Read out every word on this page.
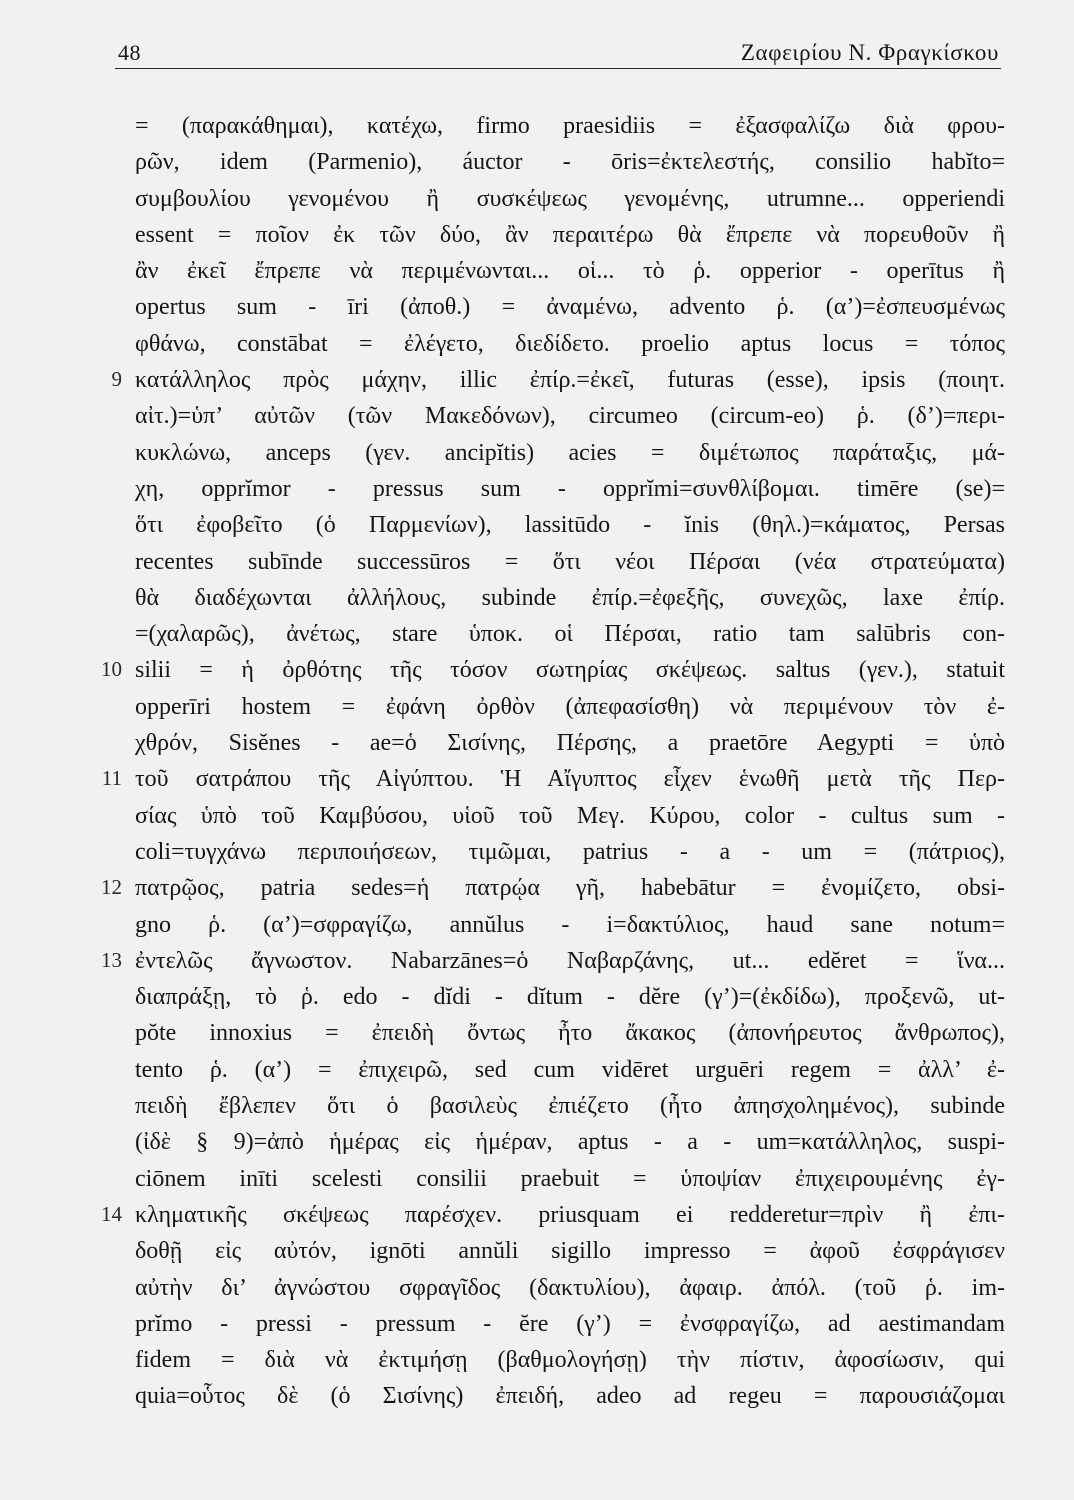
48	Ζαφειρίου Ν. Φραγκίσκου
= (παρακάθημαι), κατέχω, firmo praesidiis = ἐξασφαλίζω διὰ φρου-
ρῶν, idem (Parmenio), áuctor - ōris=ἐκτελεστής, consilio habĭto=
συμβουλίου γενομένου ἢ συσκέψεως γενομένης, utrumne... opperiendi
essent = ποῖον ἐκ τῶν δύο, ἂν περαιτέρω θὰ ἔπρεπε νὰ πορευθοῦν ἢ
ἂν ἐκεῖ ἔπρεπε νὰ περιμένωνται... οἱ... τὸ ῥ. opperior - operītus ἢ
opertus sum - īri (ἀποθ.) = ἀναμένω, advento ῥ. (α’)=ἐσπευσμένως
φθάνω, constābat = ἐλέγετο, διεδίδετο. proelio aptus locus = τόπος
9 κατάλληλος πρὸς μάχην, illic ἐπίρ.=ἐκεῖ, futuras (esse), ipsis (ποιητ.
αἰτ.)=ὑπ’ αὐτῶν (τῶν Μακεδόνων), circumeo (circum-eo) ῥ. (δ’)=περι-
κυκλώνω, anceps (γεν. ancipĭtis) acies = διμέτωπος παράταξις, μά-
χη, opprĭmor - pressus sum - opprĭmi=συνθλίβομαι. timēre (se)=
ὅτι ἐφοβεῖτο (ὁ Παρμενίων), lassitūdo - ĭnis (θηλ.)=κάματος, Persas
recentes subīnde successūros = ὅτι νέοι Πέρσαι (νέα στρατεύματα)
θὰ διαδέχωνται ἀλλήλους, subinde ἐπίρ.=ἐφεξῆς, συνεχῶς, laxe ἐπίρ.
=(χαλαρῶς), ἀνέτως, stare ὑποκ. οἱ Πέρσαι, ratio tam salūbris con-
10 silii = ἡ ὀρθότης τῆς τόσον σωτηρίας σκέψεως. saltus (γεν.), statuit
opperīri hostem = ἐφάνη ὀρθὸν (ἀπεφασίσθη) νὰ περιμένουν τὸν ἐ-
χθρόν, Sisĕnes - ae=ὁ Σισίνης, Πέρσης, a praetōre Aegypti = ὑπὸ
11 τοῦ σατράπου τῆς Αἰγύπτου. Ἡ Αἴγυπτος εἶχεν ἑνωθῆ μετὰ τῆς Περ-
σίας ὑπὸ τοῦ Καμβύσου, υἱοῦ τοῦ Μεγ. Κύρου, color - cultus sum -
coli=τυγχάνω περιποιήσεων, τιμῶμαι, patrius - a - um = (πάτριος),
12 πατρῷος, patria sedes=ἡ πατρῴα γῆ, habebātur = ἐνομίζετο, obsi-
gno ῥ. (α’)=σφραγίζω, annŭlus - i=δακτύλιος, haud sane notum=
13 ἐντελῶς ἄγνωστον. Nabarzānes=ὁ Ναβαρζάνης, ut... edĕret = ἵνα...
διαπράξῃ, τὸ ῥ. edo - dĭdi - dĭtum - dĕre (γ’)=(ἐκδίδω), προξενῶ, ut-
pŏte innoxius = ἐπειδὴ ὄντως ἦτο ἄκακος (ἀπονήρευτος ἄνθρωπος),
tento ῥ. (α’) = ἐπιχειρῶ, sed cum vidēret urguēri regem = ἀλλ’ ἐ-
πειδὴ ἔβλεπεν ὅτι ὁ βασιλεὺς ἐπιέζετο (ἦτο ἀπησχολημένος), subinde
(ἰδὲ § 9)=ἀπὸ ἡμέρας εἰς ἡμέραν, aptus - a - um=κατάλληλος, suspi-
ciōnem inīti scelesti consilii praebuit = ὑποψίαν ἐπιχειρουμένης ἐγ-
14 κληματικῆς σκέψεως παρέσχεν. priusquam ei redderetur=πρὶν ἢ ἐπι-
δοθῇ εἰς αὐτόν, ignōti annŭli sigillo impresso = ἀφοῦ ἐσφράγισεν
αὐτὴν δι’ ἀγνώστου σφραγῖδος (δακτυλίου), ἀφαιρ. ἀπόλ. (τοῦ ῥ. im-
prĭmo - pressi - pressum - ĕre (γ’) = ἐνσφραγίζω, ad aestimandam
fidem = διὰ νὰ ἐκτιμήσῃ (βαθμολογήσῃ) τὴν πίστιν, ἀφοσίωσιν, qui
quia=οὗτος δὲ (ὁ Σισίνης) ἐπειδή, adeo ad regeu = παρουσιάζομαι
